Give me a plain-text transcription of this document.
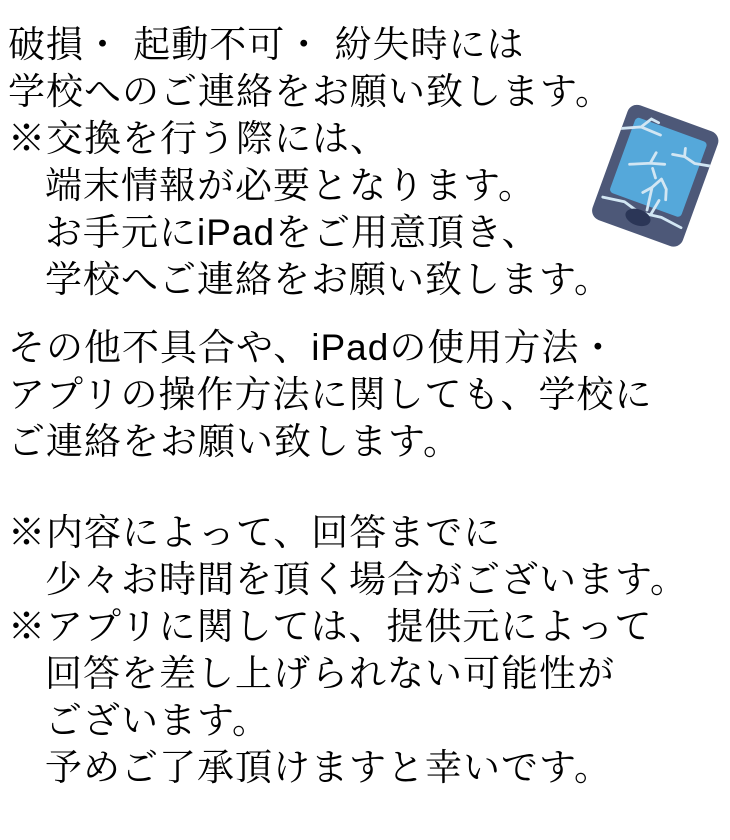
破損・ 起動不可・ 紛失時には
学校へのご連絡をお願い致します。
※交換を行う際には、
端末情報が必要となります。
お手元にiPadをご用意頂き、
学校へご連絡をお願い致します。
その他不具合や、iPadの使用方法・
アプリの操作方法に関しても、学校に
ご連絡をお願い致します。
※内容によって、回答までに
少々お時間を頂く場合がございます。
※アプリに関しては、提供元によって
回答を差し上げられない可能性が
ございます。
予めご了承頂けますと幸いです。
